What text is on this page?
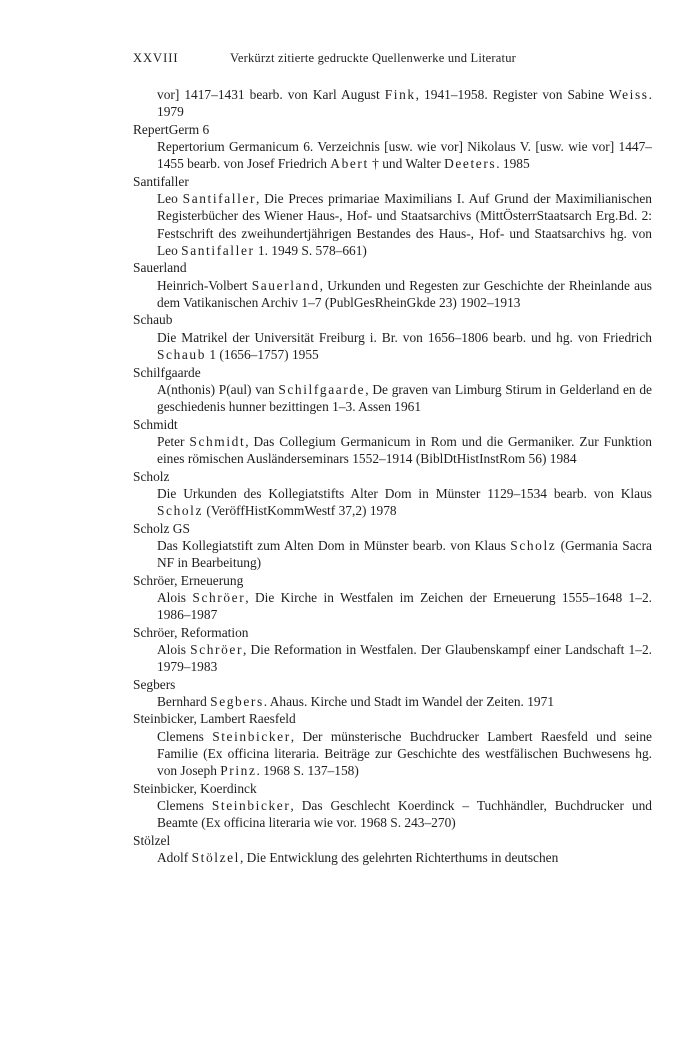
XXVIII	Verkürzt zitierte gedruckte Quellenwerke und Literatur
vor] 1417–1431 bearb. von Karl August Fink, 1941–1958. Register von Sabine Weiss. 1979
RepertGerm 6
Repertorium Germanicum 6. Verzeichnis [usw. wie vor] Nikolaus V. [usw. wie vor] 1447–1455 bearb. von Josef Friedrich Abert † und Walter Deeters. 1985
Santifaller
Leo Santifaller, Die Preces primariae Maximilians I. Auf Grund der Maximilianischen Registerbücher des Wiener Haus-, Hof- und Staatsarchivs (MittÖsterrStaatsarch Erg.Bd. 2: Festschrift des zweihundertjährigen Bestandes des Haus-, Hof- und Staatsarchivs hg. von Leo Santifaller 1. 1949 S. 578–661)
Sauerland
Heinrich-Volbert Sauerland, Urkunden und Regesten zur Geschichte der Rheinlande aus dem Vatikanischen Archiv 1–7 (PublGesRheinGkde 23) 1902–1913
Schaub
Die Matrikel der Universität Freiburg i. Br. von 1656–1806 bearb. und hg. von Friedrich Schaub 1 (1656–1757) 1955
Schilfgaarde
A(nthonis) P(aul) van Schilfgaarde, De graven van Limburg Stirum in Gelderland en de geschiedenis hunner bezittingen 1–3. Assen 1961
Schmidt
Peter Schmidt, Das Collegium Germanicum in Rom und die Germaniker. Zur Funktion eines römischen Ausländerseminars 1552–1914 (BiblDtHistInstRom 56) 1984
Scholz
Die Urkunden des Kollegiatstifts Alter Dom in Münster 1129–1534 bearb. von Klaus Scholz (VeröffHistKommWestf 37,2) 1978
Scholz GS
Das Kollegiatstift zum Alten Dom in Münster bearb. von Klaus Scholz (Germania Sacra NF in Bearbeitung)
Schröer, Erneuerung
Alois Schröer, Die Kirche in Westfalen im Zeichen der Erneuerung 1555–1648 1–2. 1986–1987
Schröer, Reformation
Alois Schröer, Die Reformation in Westfalen. Der Glaubenskampf einer Landschaft 1–2. 1979–1983
Segbers
Bernhard Segbers. Ahaus. Kirche und Stadt im Wandel der Zeiten. 1971
Steinbicker, Lambert Raesfeld
Clemens Steinbicker, Der münsterische Buchdrucker Lambert Raesfeld und seine Familie (Ex officina literaria. Beiträge zur Geschichte des westfälischen Buchwesens hg. von Joseph Prinz. 1968 S. 137–158)
Steinbicker, Koerdinck
Clemens Steinbicker, Das Geschlecht Koerdinck – Tuchhändler, Buchdrucker und Beamte (Ex officina literaria wie vor. 1968 S. 243–270)
Stölzel
Adolf Stölzel, Die Entwicklung des gelehrten Richterthums in deutschen
